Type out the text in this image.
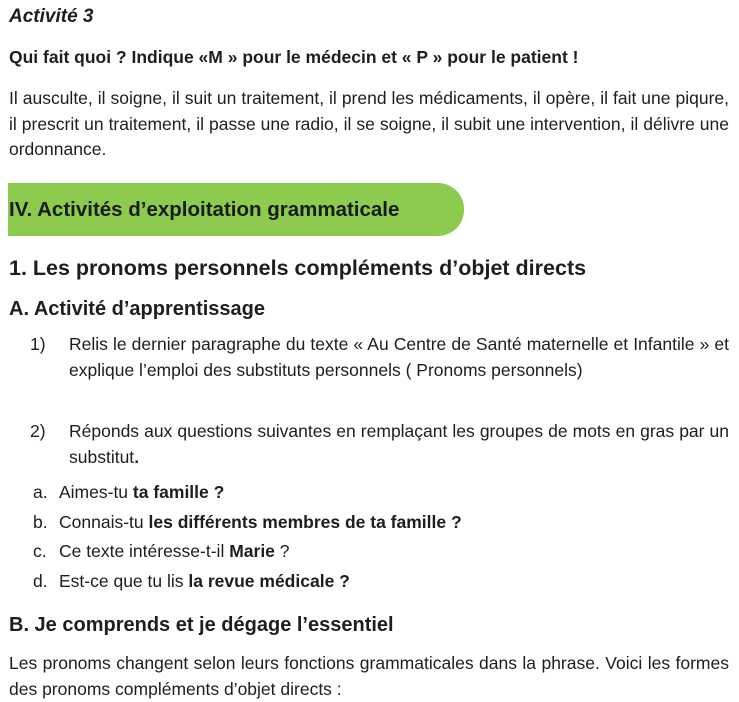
Activité 3

Qui fait quoi ? Indique «M » pour le médecin et « P » pour le patient !

Il ausculte, il soigne, il suit un traitement, il prend les médicaments, il opère, il fait une piqure, il prescrit un traitement, il passe une radio, il se soigne, il subit une intervention, il délivre une ordonnance.

IV. Activités d’exploitation grammaticale

1. Les pronoms personnels compléments d’objet directs
A. Activité d’apprentissage
1) Relis le dernier paragraphe du texte « Au Centre de Santé maternelle et Infantile » et explique l’emploi des substituts personnels ( Pronoms personnels)

2) Réponds aux questions suivantes en remplaçant les groupes de mots en gras par un substitut.

a. Aimes-tu ta famille ?

b. Connais-tu les différents membres de ta famille ?

c. Ce texte intéresse-t-il Marie ?

d. Est-ce que tu lis la revue médicale ?

B. Je comprends et je dégage l’essentiel

Les pronoms changent selon leurs fonctions grammaticales dans la phrase. Voici les formes des pronoms compléments d’objet directs :
